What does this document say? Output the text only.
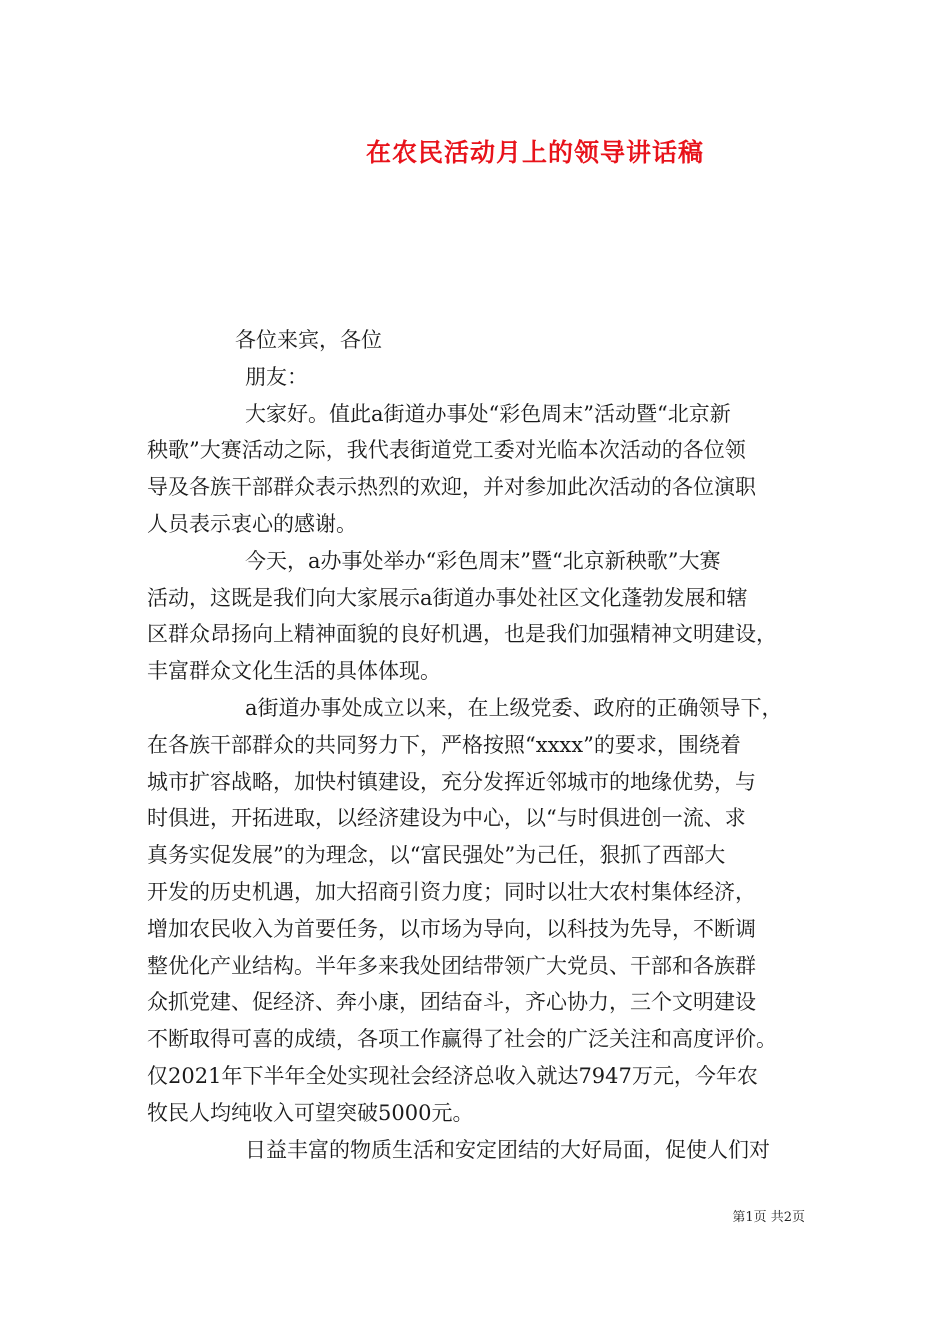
在农民活动月上的领导讲话稿
各位来宾，各位
朋友：
大家好。值此a街道办事处“彩色周末”活动暨“北京新
秧歌”大赛活动之际，我代表街道党工委对光临本次活动的各位领
导及各族干部群众表示热烈的欢迎，并对参加此次活动的各位演职
人员表示衷心的感谢。
今天，a办事处举办“彩色周末”暨“北京新秧歌”大赛
活动，这既是我们向大家展示a街道办事处社区文化蓬勃发展和辖
区群众昂扬向上精神面貌的良好机遇，也是我们加强精神文明建设，
丰富群众文化生活的具体体现。
a街道办事处成立以来，在上级党委、政府的正确领导下，
在各族干部群众的共同努力下，严格按照“xxxx”的要求，围绕着
城市扩容战略，加快村镇建设，充分发挥近邻城市的地缘优势，与
时俱进，开拓进取，以经济建设为中心，以“与时俱进创一流、求
真务实促发展”的为理念，以“富民强处”为己任，狠抓了西部大
开发的历史机遇，加大招商引资力度；同时以壮大农村集体经济，
增加农民收入为首要任务，以市场为导向，以科技为先导，不断调
整优化产业结构。半年多来我处团结带领广大党员、干部和各族群
众抓党建、促经济、奔小康，团结奋斗，齐心协力，三个文明建设
不断取得可喜的成绩，各项工作赢得了社会的广泛关注和高度评价。
仅2021年下半年全处实现社会经济总收入就达7947万元，今年农
牧民人均纯收入可望突破5000元。
日益丰富的物质生活和安定团结的大好局面，促使人们对
第1页 共2页
